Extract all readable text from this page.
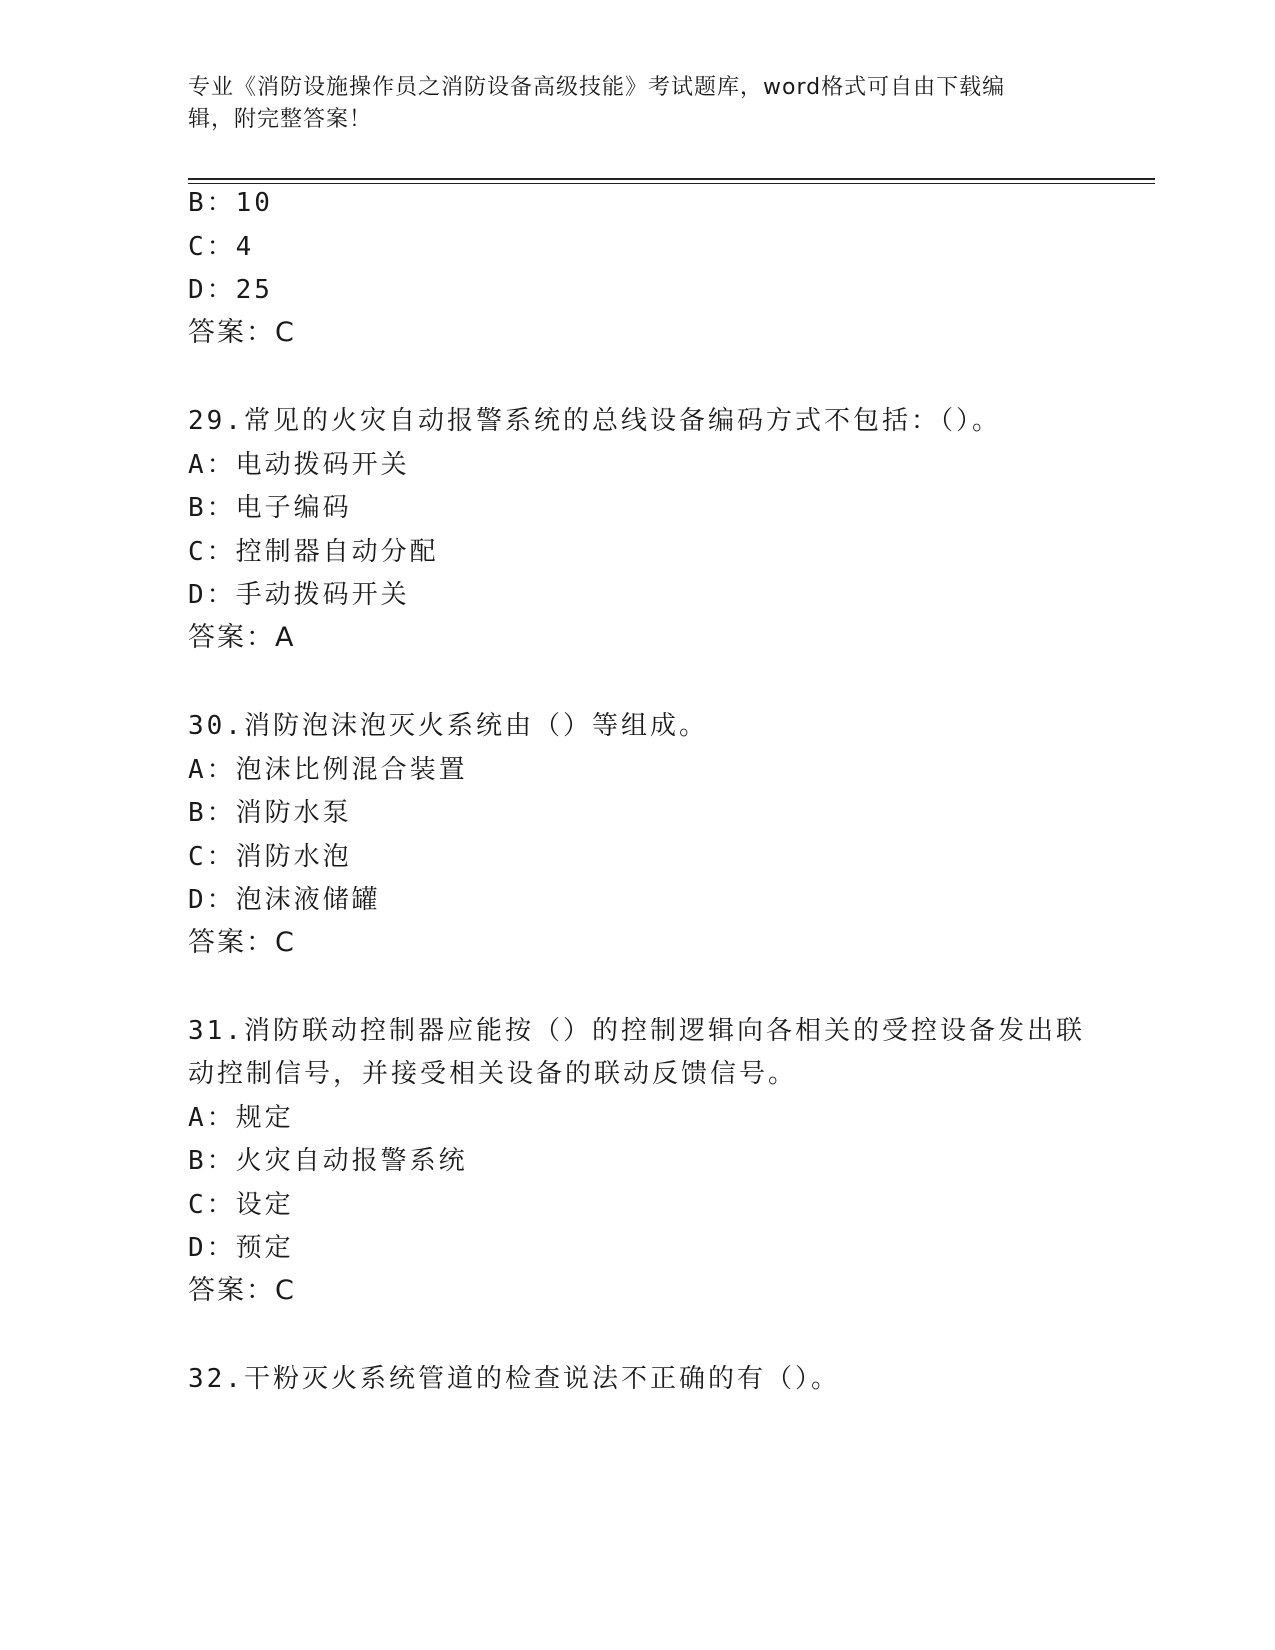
专业《消防设施操作员之消防设备高级技能》考试题库，word格式可自由下载编
辑，附完整答案！
B：10
C：4
D：25
答案：C
29.常见的火灾自动报警系统的总线设备编码方式不包括：（）。
A：电动拨码开关
B：电子编码
C：控制器自动分配
D：手动拨码开关
答案：A
30.消防泡沫泡灭火系统由（）等组成。
A：泡沫比例混合装置
B：消防水泵
C：消防水泡
D：泡沫液储罐
答案：C
31.消防联动控制器应能按（）的控制逻辑向各相关的受控设备发出联
动控制信号，并接受相关设备的联动反馈信号。
A：规定
B：火灾自动报警系统
C：设定
D：预定
答案：C
32.干粉灭火系统管道的检查说法不正确的有（）。
